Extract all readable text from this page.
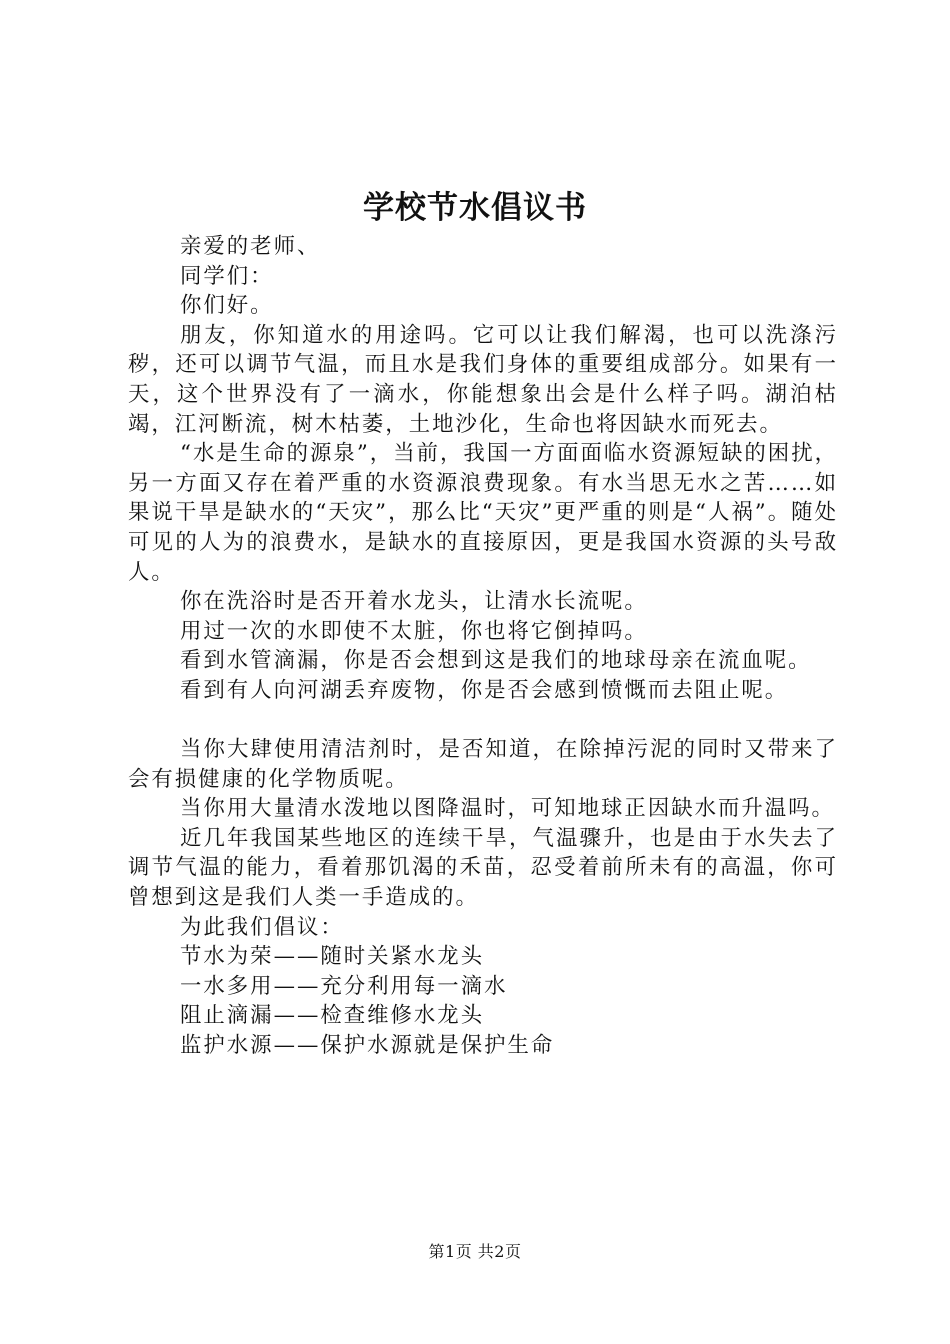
学校节水倡议书

亲爱的老师、

同学们：

你们好。

朋友，你知道水的用途吗。它可以让我们解渴，也可以洗涤污秽，还可以调节气温，而且水是我们身体的重要组成部分。如果有一天，这个世界没有了一滴水，你能想象出会是什么样子吗。湖泊枯竭，江河断流，树木枯萎，土地沙化，生命也将因缺水而死去。

“水是生命的源泉”，当前，我国一方面面临水资源短缺的困扰，另一方面又存在着严重的水资源浪费现象。有水当思无水之苦……如果说干旱是缺水的“天灾”，那么比“天灾”更严重的则是“人祸”。随处可见的人为的浪费水，是缺水的直接原因，更是我国水资源的头号敌人。

你在洗浴时是否开着水龙头，让清水长流呢。

用过一次的水即使不太脏，你也将它倒掉吗。

看到水管滴漏，你是否会想到这是我们的地球母亲在流血呢。

看到有人向河湖丢弃废物，你是否会感到愤慨而去阻止呢。

当你大肆使用清洁剂时，是否知道，在除掉污泥的同时又带来了会有损健康的化学物质呢。

当你用大量清水泼地以图降温时，可知地球正因缺水而升温吗。

近几年我国某些地区的连续干旱，气温骤升，也是由于水失去了调节气温的能力，看着那饥渴的禾苗，忍受着前所未有的高温，你可曾想到这是我们人类一手造成的。

为此我们倡议：

节水为荣——随时关紧水龙头

一水多用——充分利用每一滴水

阻止滴漏——检查维修水龙头

监护水源——保护水源就是保护生命

第1页 共2页
